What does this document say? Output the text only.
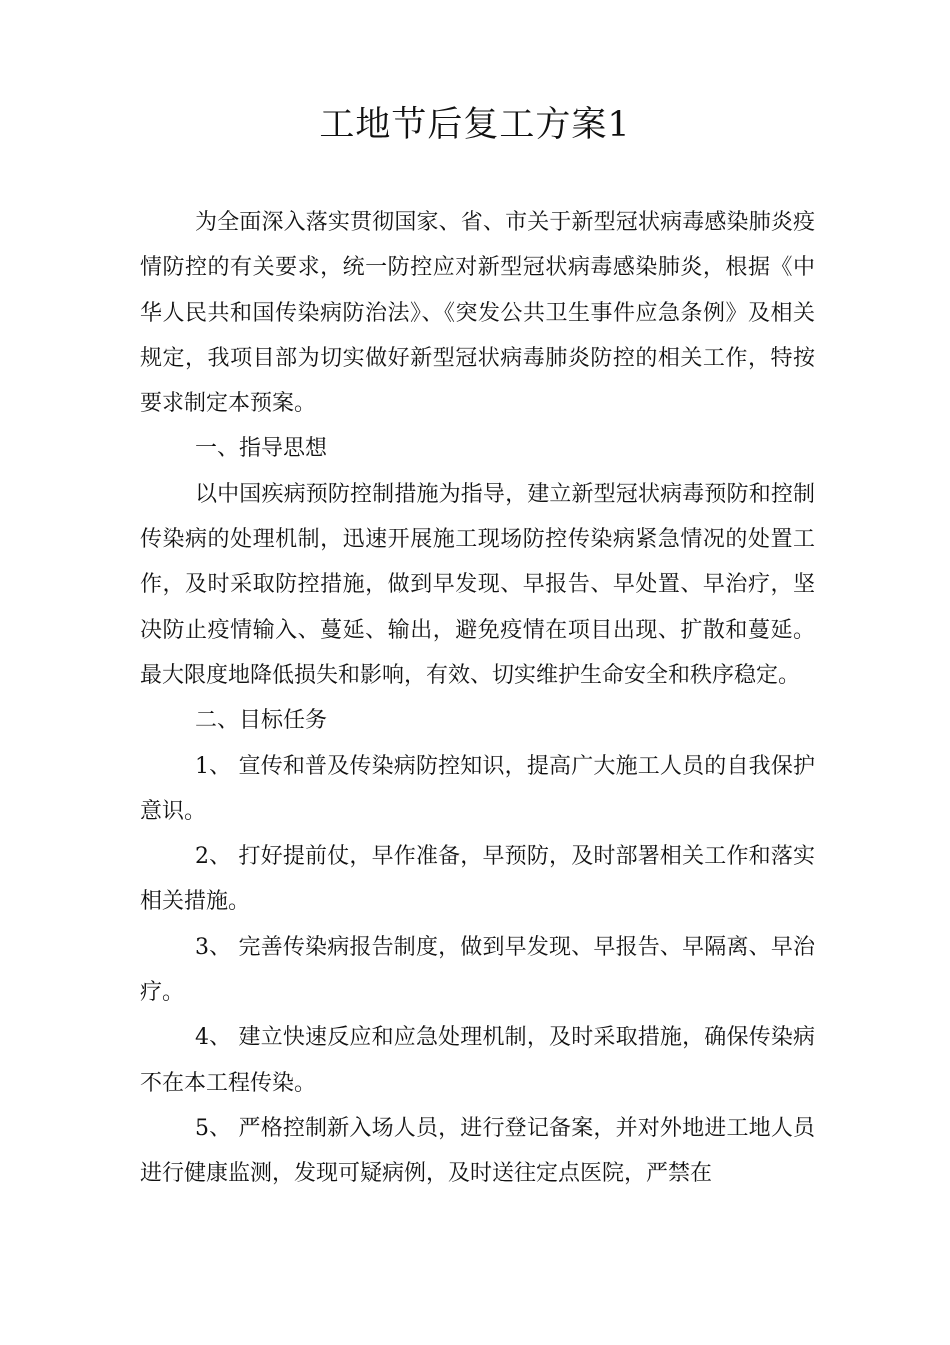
工地节后复工方案1

为全面深入落实贯彻国家、省、市关于新型冠状病毒感染肺炎疫情防控的有关要求，统一防控应对新型冠状病毒感染肺炎，根据《中华人民共和国传染病防治法》、《突发公共卫生事件应急条例》及相关规定，我项目部为切实做好新型冠状病毒肺炎防控的相关工作，特按要求制定本预案。

一、指导思想

以中国疾病预防控制措施为指导，建立新型冠状病毒预防和控制传染病的处理机制，迅速开展施工现场防控传染病紧急情况的处置工作，及时采取防控措施，做到早发现、早报告、早处置、早治疗，坚决防止疫情输入、蔓延、输出，避免疫情在项目出现、扩散和蔓延。最大限度地降低损失和影响，有效、切实维护生命安全和秩序稳定。

二、目标任务

1、 宣传和普及传染病防控知识，提高广大施工人员的自我保护意识。

2、 打好提前仗，早作准备，早预防，及时部署相关工作和落实相关措施。

3、 完善传染病报告制度，做到早发现、早报告、早隔离、早治疗。

4、 建立快速反应和应急处理机制，及时采取措施，确保传染病不在本工程传染。

5、 严格控制新入场人员，进行登记备案，并对外地进工地人员进行健康监测，发现可疑病例，及时送往定点医院，严禁在
